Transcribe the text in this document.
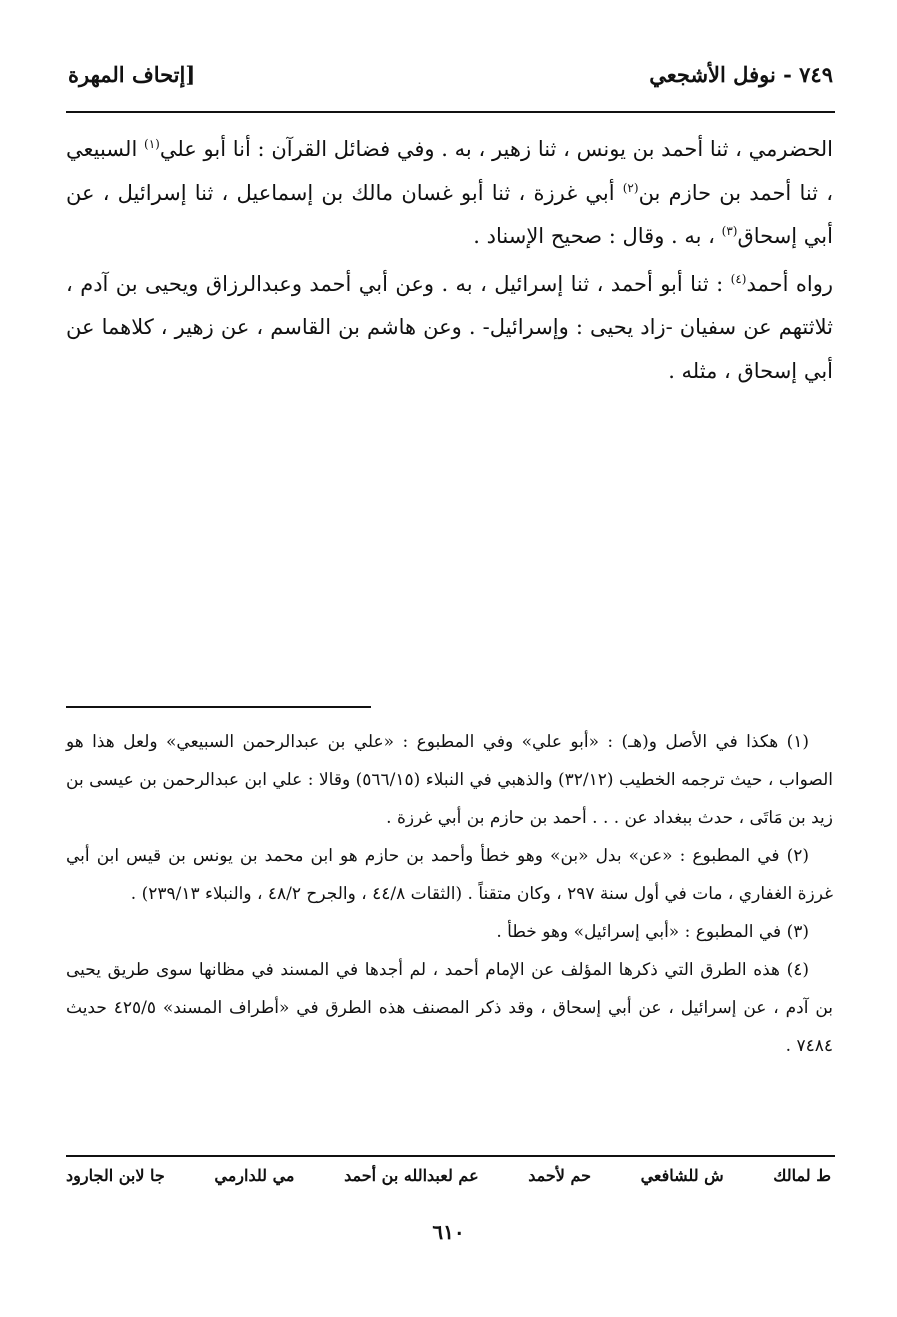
٧٤٩ - نوفل الأشجعي
[إتحاف المهرة

الحضرمي ، ثنا أحمد بن يونس ، ثنا زهير ، به . وفي فضائل القرآن : أنا أبو علي$^{(١)}$ السبيعي ، ثنا أحمد بن حازم بن$^{(٢)}$ أبي غرزة ، ثنا أبو غسان مالك بن إسماعيل ، ثنا إسرائيل ، عن أبي إسحاق$^{(٣)}$ ، به . وقال : صحيح الإسناد .

رواه أحمد$^{(٤)}$ : ثنا أبو أحمد ، ثنا إسرائيل ، به . وعن أبي أحمد وعبدالرزاق ويحيى بن آدم ، ثلاثتهم عن سفيان -زاد يحيى : وإسرائيل- . وعن هاشم بن القاسم ، عن زهير ، كلاهما عن أبي إسحاق ، مثله .

(١) هكذا في الأصل و(هـ) : «أبو علي» وفي المطبوع : «علي بن عبدالرحمن السبيعي» ولعل هذا هو الصواب ، حيث ترجمه الخطيب (٣٢/١٢) والذهبي في النبلاء (٥٦٦/١٥) وقالا : علي ابن عبدالرحمن بن عيسى بن زيد بن مَاتَى ، حدث ببغداد عن . . . أحمد بن حازم بن أبي غرزة .

(٢) في المطبوع : «عن» بدل «بن» وهو خطأ وأحمد بن حازم هو ابن محمد بن يونس بن قيس ابن أبي غرزة الغفاري ، مات في أول سنة ٢٩٧ ، وكان متقناً . (الثقات ٤٤/٨ ، والجرح ٤٨/٢ ، والنبلاء ٢٣٩/١٣) .

(٣) في المطبوع : «أبي إسرائيل» وهو خطأ .

(٤) هذه الطرق التي ذكرها المؤلف عن الإمام أحمد ، لم أجدها في المسند في مظانها سوى طريق يحيى بن آدم ، عن إسرائيل ، عن أبي إسحاق ، وقد ذكر المصنف هذه الطرق في «أطراف المسند» ٤٢٥/٥ حديث ٧٤٨٤ .

ط لمالك
ش للشافعي
حم لأحمد
عم لعبدالله بن أحمد
مي للدارمي
جا لابن الجارود
٦١٠
